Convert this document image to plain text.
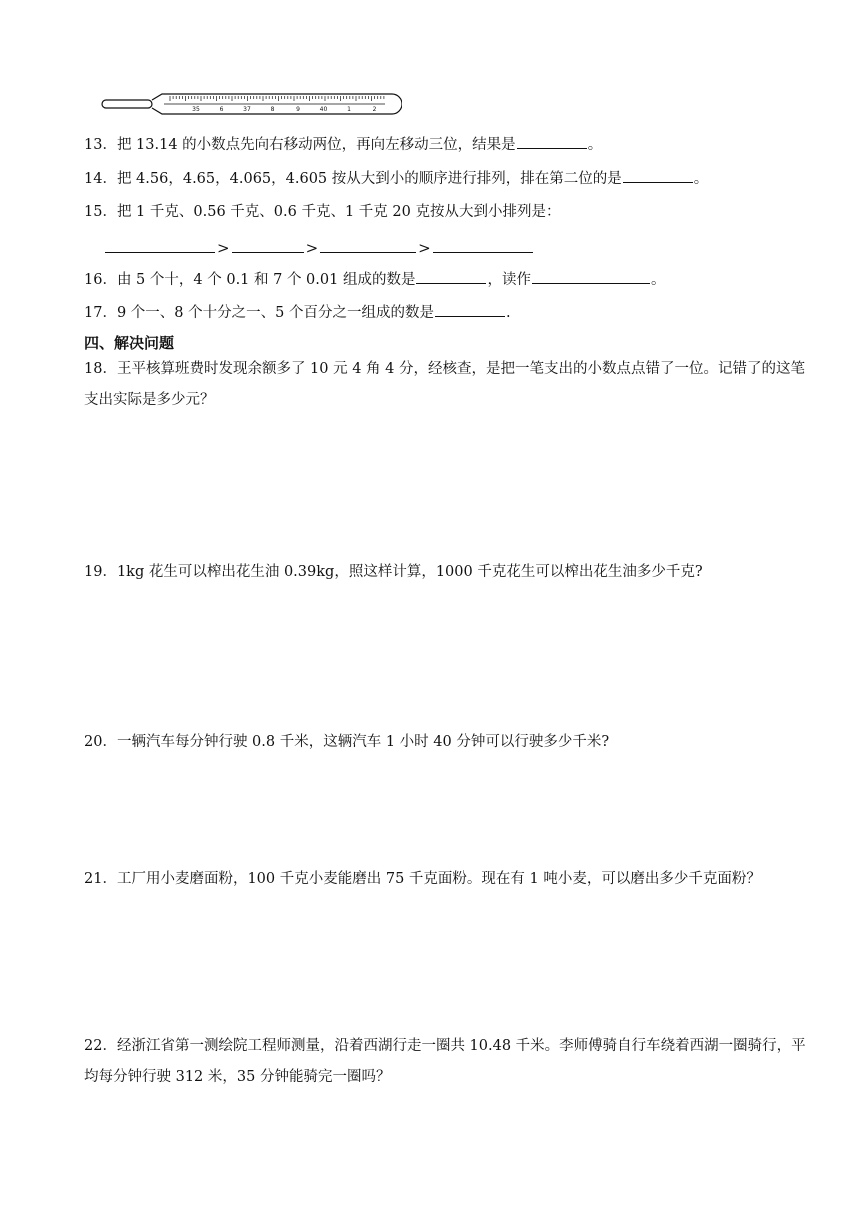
35	6	37	8	9	40	1	2
13．把 13.14 的小数点先向右移动两位，再向左移动三位，结果是	。
14．把 4.56，4.65，4.065，4.605 按从大到小的顺序进行排列，排在第二位的是	。
15．把 1 千克、0.56 千克、0.6 千克、1 千克 20 克按从大到小排列是：
>	>	>
16．由 5 个十，4 个 0.1 和 7 个 0.01 组成的数是	，读作	。
17．9 个一、8 个十分之一、5 个百分之一组成的数是	.
四、解决问题
18．王平核算班费时发现余额多了 10 元 4 角 4 分，经核查，是把一笔支出的小数点点错了一位。记错了的这笔支出实际是多少元？
19．1kg 花生可以榨出花生油 0.39kg，照这样计算，1000 千克花生可以榨出花生油多少千克?
20．一辆汽车每分钟行驶 0.8 千米，这辆汽车 1 小时 40 分钟可以行驶多少千米?
21．工厂用小麦磨面粉，100 千克小麦能磨出 75 千克面粉。现在有 1 吨小麦，可以磨出多少千克面粉？
22．经浙江省第一测绘院工程师测量，沿着西湖行走一圈共 10.48 千米。李师傅骑自行车绕着西湖一圈骑行，平均每分钟行驶 312 米，35 分钟能骑完一圈吗？
